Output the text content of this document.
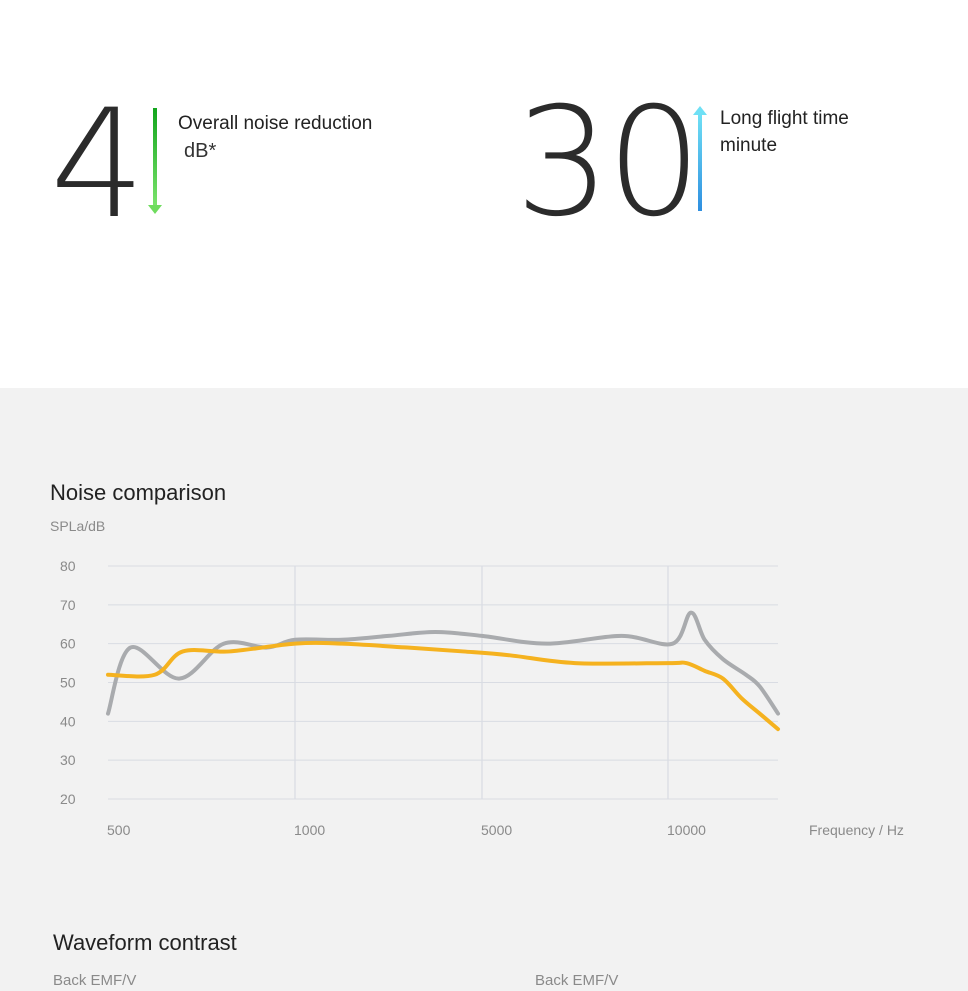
4 Overall noise reduction
dB* 30 Long flight time
minute
Noise comparison
SPLa/dB
Frequency / Hz
20
30
40
50
60
70
80
500	1000	5000	10000
Waveform contrast
Back EMF/V	Back EMF/V
